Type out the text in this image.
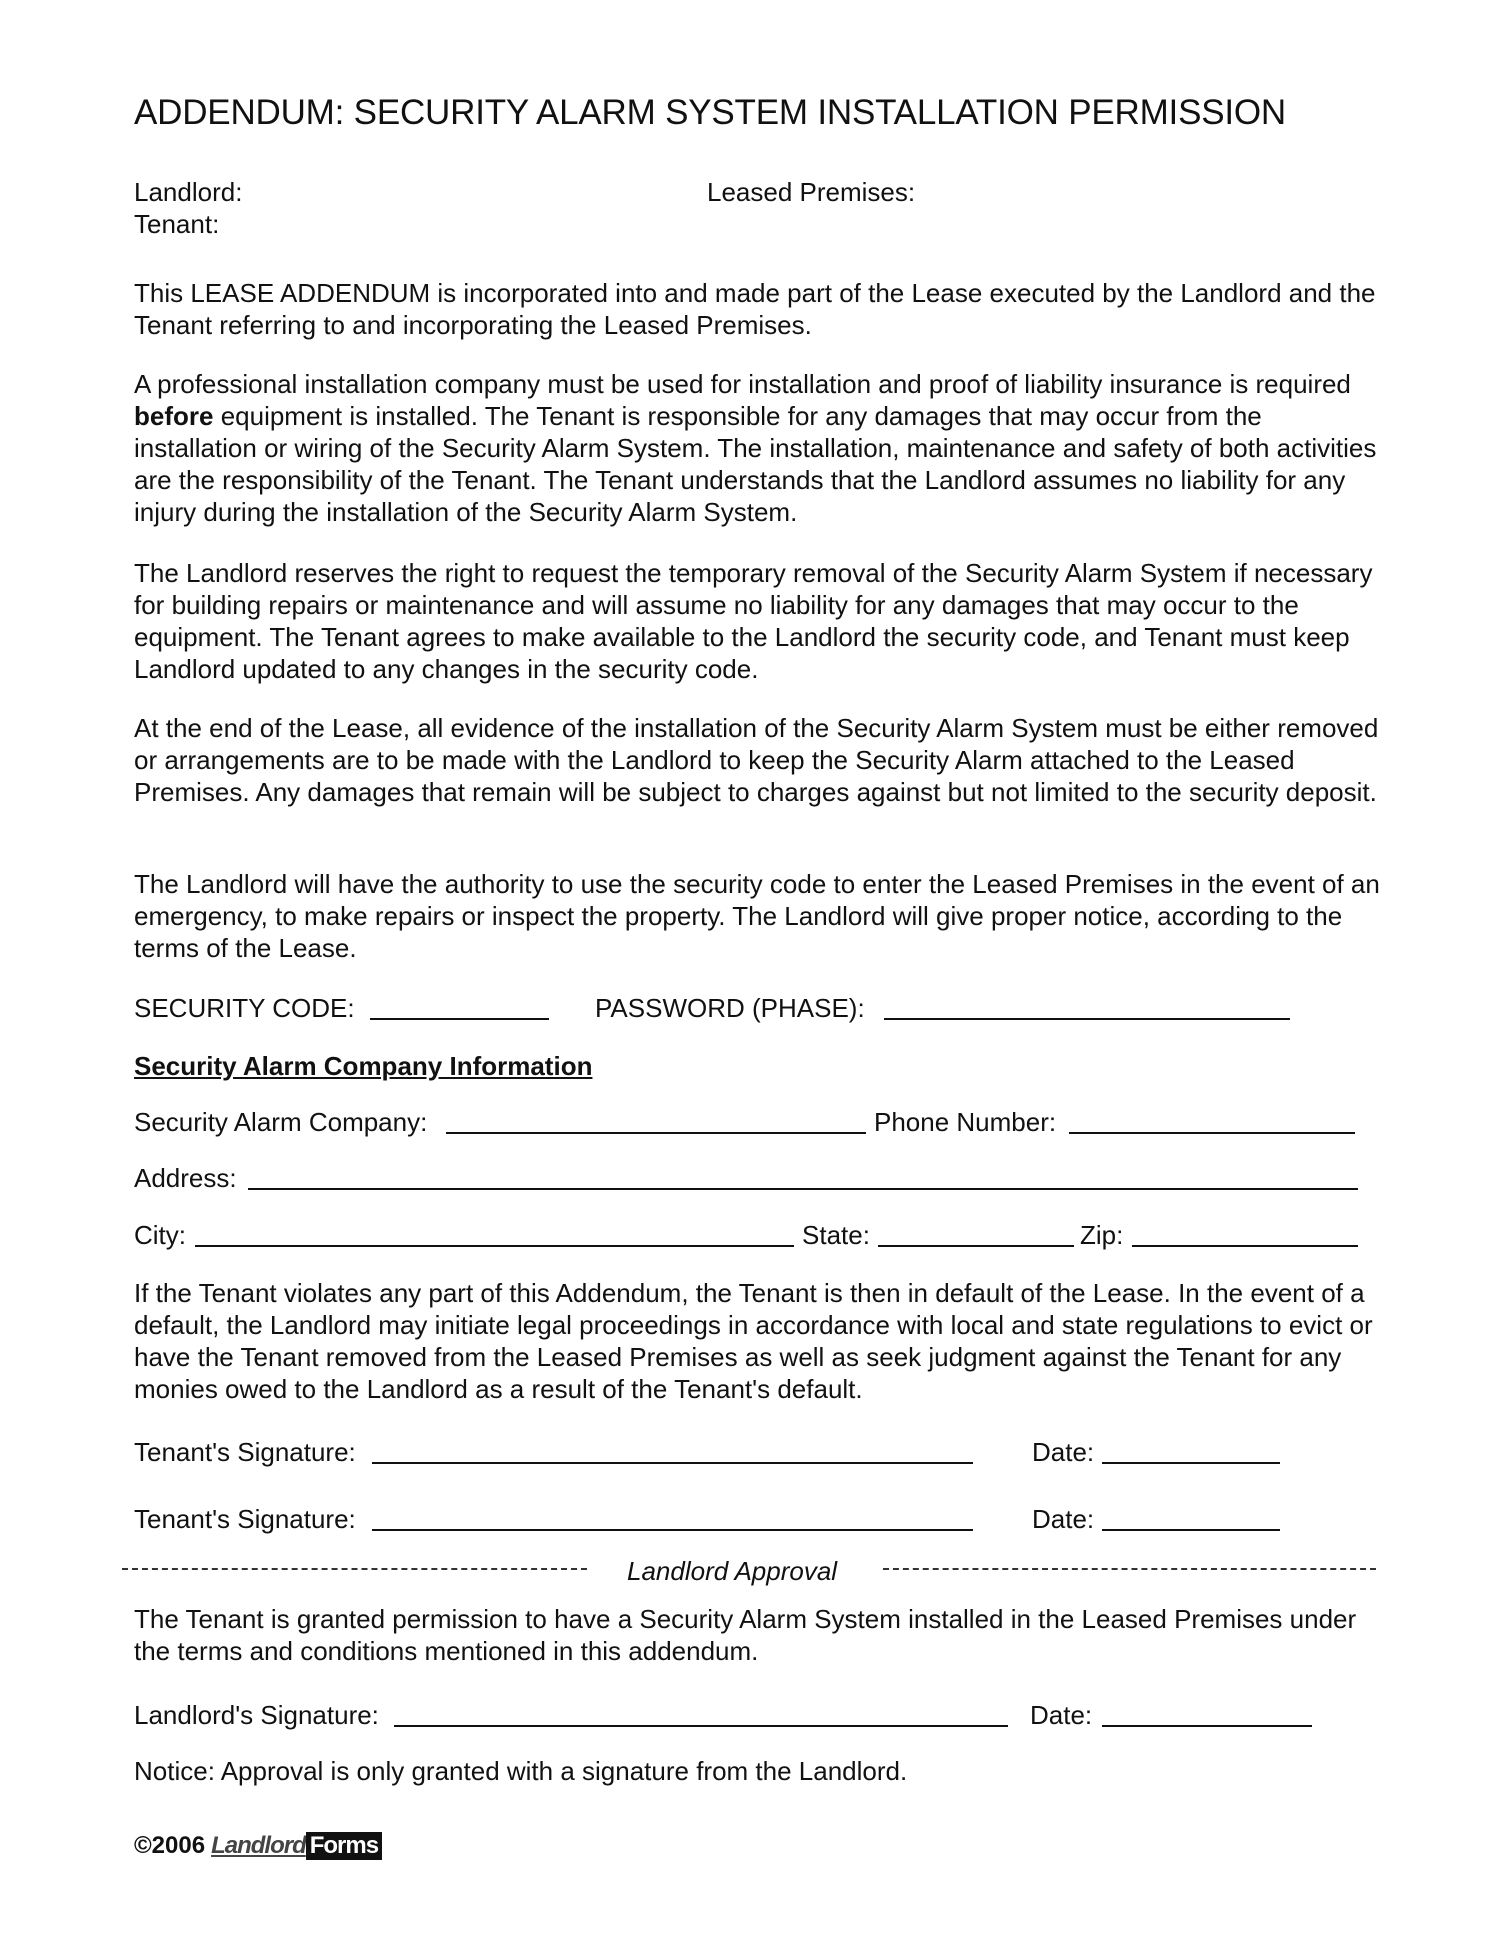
ADDENDUM: SECURITY ALARM SYSTEM INSTALLATION PERMISSION
Landlord:
Tenant:
Leased Premises:
This LEASE ADDENDUM is incorporated into and made part of the Lease executed by the Landlord and the Tenant referring to and incorporating the Leased Premises.
A professional installation company must be used for installation and proof of liability insurance is required before equipment is installed. The Tenant is responsible for any damages that may occur from the installation or wiring of the Security Alarm System. The installation, maintenance and safety of both activities are the responsibility of the Tenant. The Tenant understands that the Landlord assumes no liability for any injury during the installation of the Security Alarm System.
The Landlord reserves the right to request the temporary removal of the Security Alarm System if necessary for building repairs or maintenance and will assume no liability for any damages that may occur to the equipment. The Tenant agrees to make available to the Landlord the security code, and Tenant must keep Landlord updated to any changes in the security code.
At the end of the Lease, all evidence of the installation of the Security Alarm System must be either removed or arrangements are to be made with the Landlord to keep the Security Alarm attached to the Leased Premises. Any damages that remain will be subject to charges against but not limited to the security deposit.
The Landlord will have the authority to use the security code to enter the Leased Premises in the event of an emergency, to make repairs or inspect the property. The Landlord will give proper notice, according to the terms of the Lease.
SECURITY CODE:	PASSWORD (PHASE):
Security Alarm Company Information
Security Alarm Company:	Phone Number:
Address:
City:	State:	Zip:
If the Tenant violates any part of this Addendum, the Tenant is then in default of the Lease. In the event of a default, the Landlord may initiate legal proceedings in accordance with local and state regulations to evict or have the Tenant removed from the Leased Premises as well as seek judgment against the Tenant for any monies owed to the Landlord as a result of the Tenant's default.
Tenant's Signature:	Date:
Tenant's Signature:	Date:
Landlord Approval
The Tenant is granted permission to have a Security Alarm System installed in the Leased Premises under the terms and conditions mentioned in this addendum.
Landlord's Signature:	Date:
Notice: Approval is only granted with a signature from the Landlord.
©2006 Landlord Forms
